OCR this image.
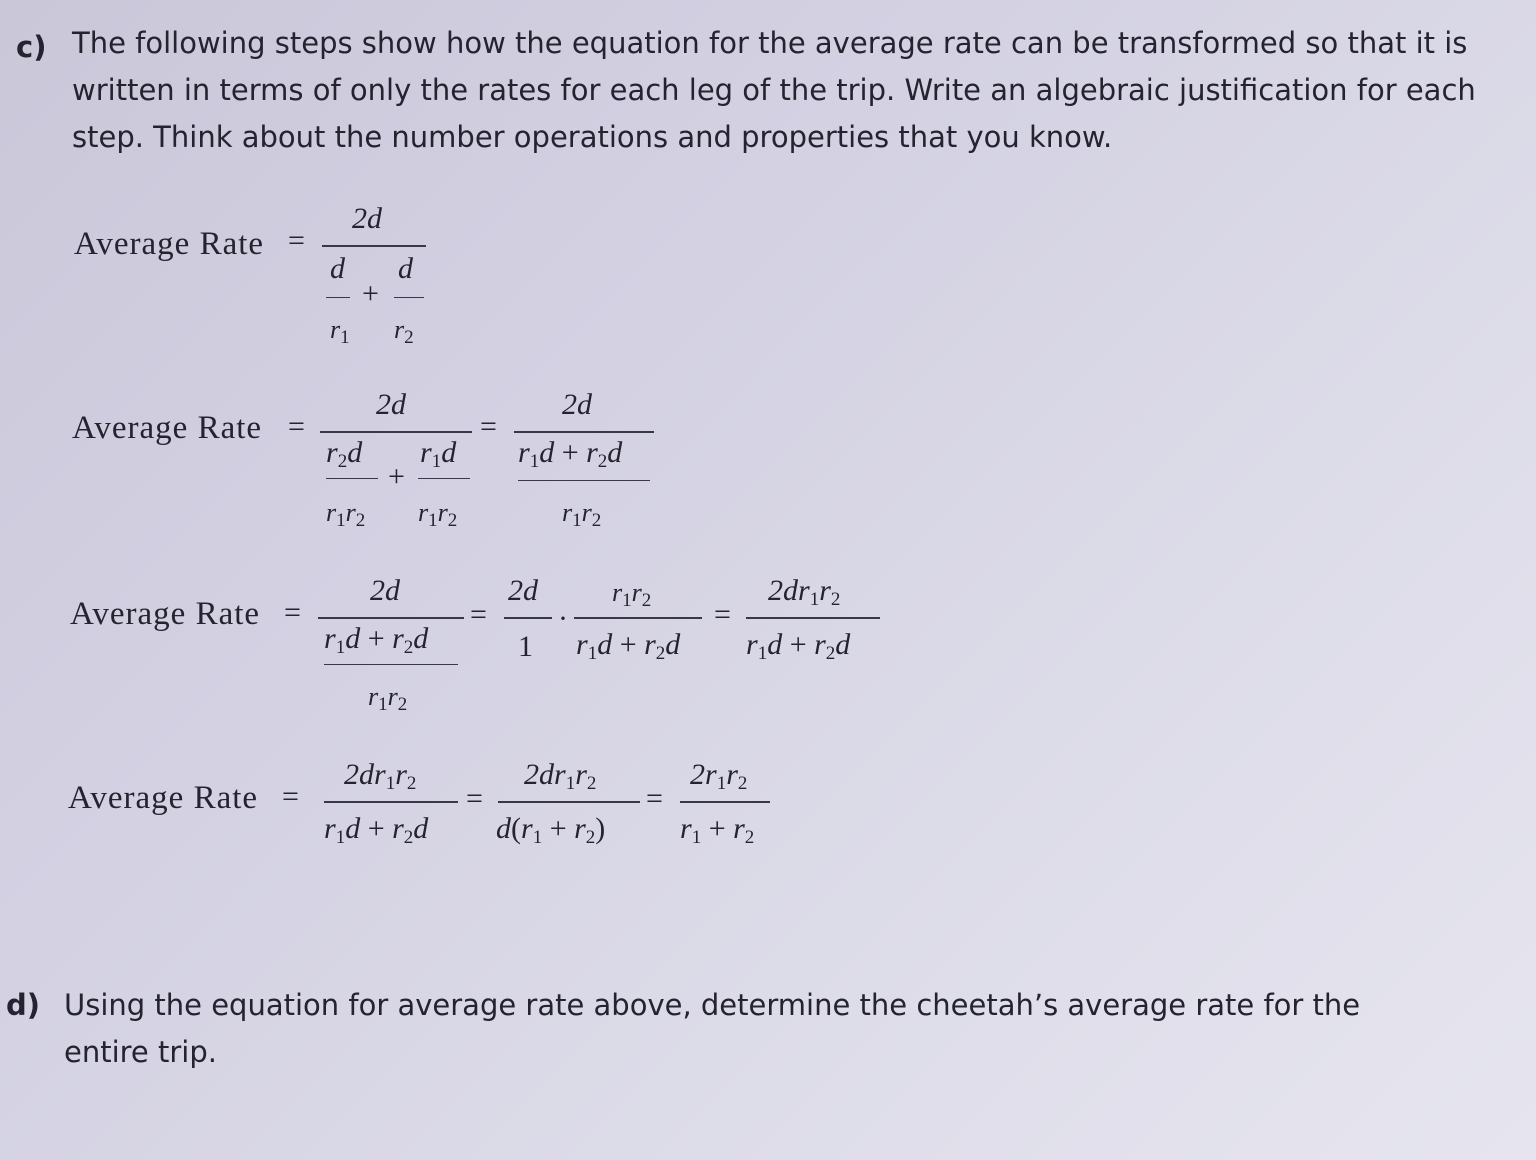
c) The following steps show how the equation for the average rate can be transformed so that it is written in terms of only the rates for each leg of the trip. Write an algebraic justification for each step. Think about the number operations and properties that you know.
Average Rate =
2d
d d
+
$r_1$ $r_2$
Average Rate =
2d
$r_2d$ $r_1d$
+
$r_1r_2$ $r_1r_2$
=
2d
$r_1d + r_2d$
$r_1r_2$
Average Rate =
2d
$r_1d + r_2d$
$r_1r_2$
=
2d
1
·
$r_1r_2$
$r_1d + r_2d$
=
$2dr_1r_2$
$r_1d + r_2d$
Average Rate =
$2dr_1r_2$
$r_1d + r_2d$
=
$2dr_1r_2$
$d(r_1 + r_2)$
=
$2r_1r_2$
$r_1 + r_2$
d) Using the equation for average rate above, determine the cheetah’s average rate for the entire trip.
